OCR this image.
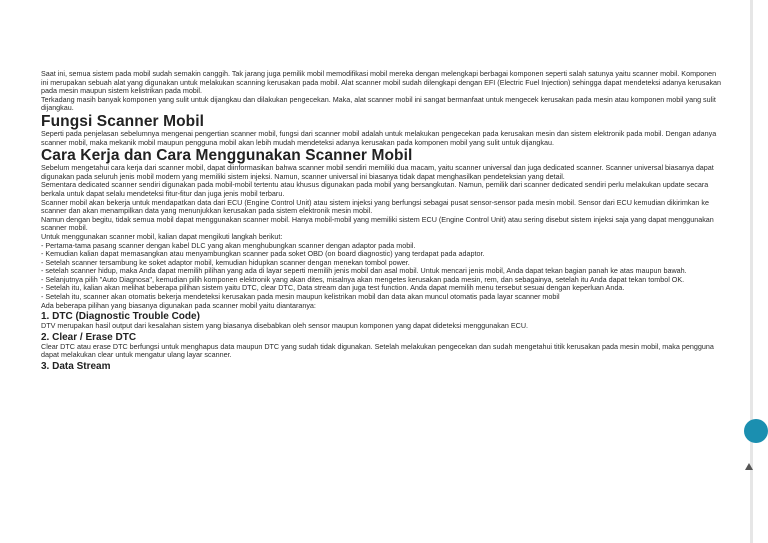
Saat ini, semua sistem pada mobil sudah semakin canggih. Tak jarang juga pemilik mobil memodifikasi mobil mereka dengan melengkapi berbagai komponen seperti salah satunya yaitu scanner mobil. Komponen ini merupakan sebuah alat yang digunakan untuk melakukan scanning kerusakan pada mobil. Alat scanner mobil sudah dilengkapi dengan EFI (Electric Fuel Injection) sehingga dapat mendeteksi adanya kerusakan pada mesin maupun sistem kelistrikan pada mobil.

Terkadang masih banyak komponen yang sulit untuk dijangkau dan dilakukan pengecekan. Maka, alat scanner mobil ini sangat bermanfaat untuk mengecek kerusakan pada mesin atau komponen mobil yang sulit dijangkau.

Fungsi Scanner Mobil

Seperti pada penjelasan sebelumnya mengenai pengertian scanner mobil, fungsi dari scanner mobil adalah untuk melakukan pengecekan pada kerusakan mesin dan sistem elektronik pada mobil. Dengan adanya scanner mobil, maka mekanik mobil maupun pengguna mobil akan lebih mudah mendeteksi adanya kerusakan pada komponen mobil yang sulit untuk dijangkau.

Cara Kerja dan Cara Menggunakan Scanner Mobil

Sebelum mengetahui cara kerja dari scanner mobil, dapat diinformasikan bahwa scanner mobil sendiri memiliki dua macam, yaitu scanner universal dan juga dedicated scanner. Scanner universal biasanya dapat digunakan pada seluruh jenis mobil modern yang memiliki sistem injeksi. Namun, scanner universal ini biasanya tidak dapat menghasilkan pendeteksian yang detail.

Sementara dedicated scanner sendiri digunakan pada mobil-mobil tertentu atau khusus digunakan pada mobil yang bersangkutan. Namun, pemilik dari scanner dedicated sendiri perlu melakukan update secara berkala untuk dapat selalu mendeteksi fitur-fitur dan juga jenis mobil terbaru.

Scanner mobil akan bekerja untuk mendapatkan data dari ECU (Engine Control Unit) atau sistem injeksi yang berfungsi sebagai pusat sensor-sensor pada mesin mobil. Sensor dari ECU kemudian dikirimkan ke scanner dan akan menampilkan data yang menunjukkan kerusakan pada sistem elektronik mesin mobil.

Namun dengan begitu, tidak semua mobil dapat menggunakan scanner mobil. Hanya mobil-mobil yang memiliki sistem ECU (Engine Control Unit) atau sering disebut sistem injeksi saja yang dapat menggunakan scanner mobil.

Untuk menggunakan scanner mobil, kalian dapat mengikuti langkah berikut:

- Pertama-tama pasang scanner dengan kabel DLC yang akan menghubungkan scanner dengan adaptor pada mobil.

- Kemudian kalian dapat memasangkan atau menyambungkan scanner pada soket OBD (on board diagnostic) yang terdapat pada adaptor.

- Setelah scanner tersambung ke soket adaptor mobil, kemudian hidupkan scanner dengan menekan tombol power.

- setelah scanner hidup, maka Anda dapat memilih pilihan yang ada di layar seperti memilih jenis mobil dan asal mobil. Untuk mencari jenis mobil, Anda dapat tekan bagian panah ke atas maupun bawah.

- Selanjutnya pilih "Auto Diagnosa", kemudian pilih komponen elektronik yang akan dites, misalnya akan mengetes kerusakan pada mesin, rem, dan sebagainya, setelah itu Anda dapat tekan tombol OK.

- Setelah itu, kalian akan melihat beberapa pilihan sistem yaitu DTC, clear DTC, Data stream dan juga test function. Anda dapat memilih menu tersebut sesuai dengan keperluan Anda.

- Setelah itu, scanner akan otomatis bekerja mendeteksi kerusakan pada mesin maupun kelistrikan mobil dan data akan muncul otomatis pada layar scanner mobil

Ada beberapa pilihan yang biasanya digunakan pada scanner mobil yaitu diantaranya:

1. DTC (Diagnostic Trouble Code)

DTV merupakan hasil output dari kesalahan sistem yang biasanya disebabkan oleh sensor maupun komponen yang dapat dideteksi menggunakan ECU.

2. Clear / Erase DTC

Clear DTC atau erase DTC berfungsi untuk menghapus data maupun DTC yang sudah tidak digunakan. Setelah melakukan pengecekan dan sudah mengetahui titik kerusakan pada mesin mobil, maka pengguna dapat melakukan clear untuk mengatur ulang layar scanner.

3. Data Stream
